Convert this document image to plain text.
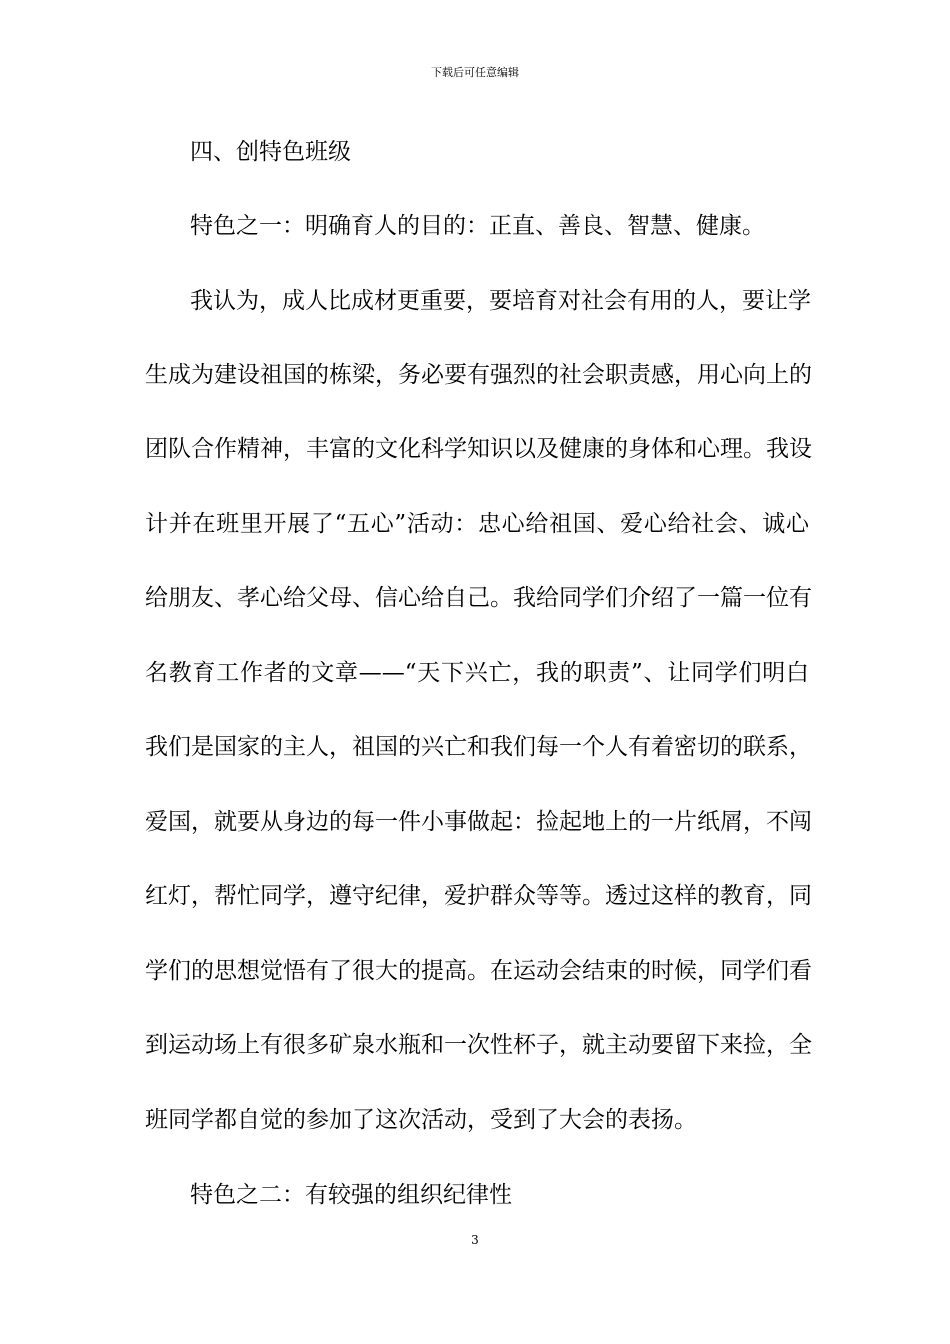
下载后可任意编辑
四、创特色班级
特色之一：明确育人的目的：正直、善良、智慧、健康。
我认为，成人比成材更重要，要培育对社会有用的人，要让学
生成为建设祖国的栋梁，务必要有强烈的社会职责感，用心向上的
团队合作精神，丰富的文化科学知识以及健康的身体和心理。我设
计并在班里开展了“五心”活动：忠心给祖国、爱心给社会、诚心
给朋友、孝心给父母、信心给自己。我给同学们介绍了一篇一位有
名教育工作者的文章——“天下兴亡，我的职责”、让同学们明白
我们是国家的主人，祖国的兴亡和我们每一个人有着密切的联系，
爱国，就要从身边的每一件小事做起：捡起地上的一片纸屑，不闯
红灯，帮忙同学，遵守纪律，爱护群众等等。透过这样的教育，同
学们的思想觉悟有了很大的提高。在运动会结束的时候，同学们看
到运动场上有很多矿泉水瓶和一次性杯子，就主动要留下来捡，全
班同学都自觉的参加了这次活动，受到了大会的表扬。
特色之二：有较强的组织纪律性
3
